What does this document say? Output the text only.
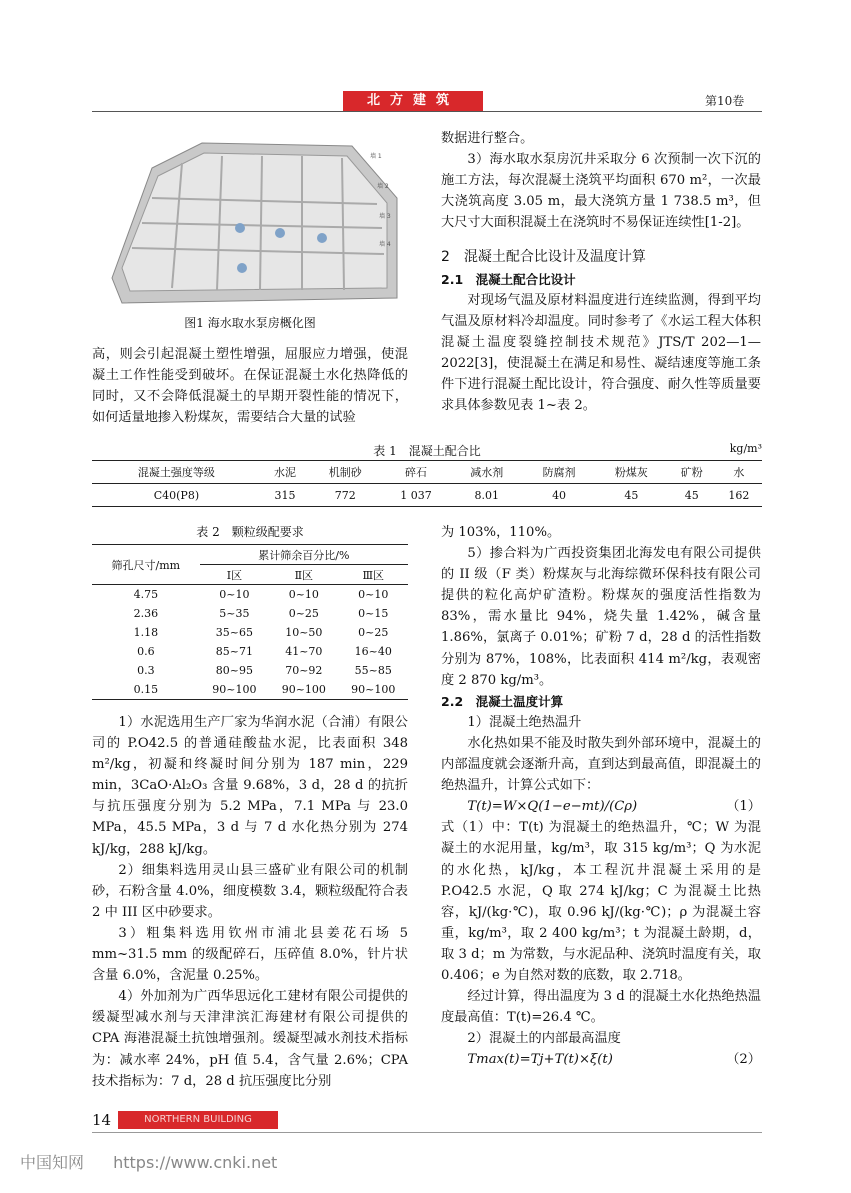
北方建筑	第10卷
墙 1
墙 2
墙 3
墙 4
图1 海水取水泵房概化图

高，则会引起混凝土塑性增强，屈服应力增强，使混凝土工作性能受到破坏。在保证混凝土水化热降低的同时，又不会降低混凝土的早期开裂性能的情况下，如何适量地掺入粉煤灰，需要结合大量的试验

表 1　混凝土配合比	kg/m³
混凝土强度等级	水泥	机制砂	碎石	减水剂	防腐剂	粉煤灰	矿粉	水
C40(P8)	315	772	1 037	8.01	40	45	45	162
表 2　颗粒级配要求
筛孔尺寸/mm	累计筛余百分比/%		
	Ⅰ区	Ⅱ区	Ⅲ区
4.75	0~10	0~10	0~10
2.36	5~35	0~25	0~15
1.18	35~65	10~50	0~25
0.6	85~71	41~70	16~40
0.3	80~95	70~92	55~85
0.15	90~100	90~100	90~100

1）水泥选用生产厂家为华润水泥（合浦）有限公司的 P.O42.5 的普通硅酸盐水泥，比表面积 348 m²/kg，初凝和终凝时间分别为 187 min，229 min，3CaO·Al₂O₃ 含量 9.68%，3 d，28 d 的抗折与抗压强度分别为 5.2 MPa，7.1 MPa 与 23.0 MPa，45.5 MPa，3 d 与 7 d 水化热分别为 274 kJ/kg，288 kJ/kg。

2）细集料选用灵山县三盛矿业有限公司的机制砂，石粉含量 4.0%，细度模数 3.4，颗粒级配符合表 2 中 III 区中砂要求。

3）粗集料选用钦州市浦北县姜花石场 5 mm~31.5 mm 的级配碎石，压碎值 8.0%，针片状含量 6.0%，含泥量 0.25%。

4）外加剂为广西华思远化工建材有限公司提供的缓凝型减水剂与天津津滨汇海建材有限公司提供的 CPA 海港混凝土抗蚀增强剂。缓凝型减水剂技术指标为：减水率 24%，pH 值 5.4，含气量 2.6%；CPA 技术指标为：7 d，28 d 抗压强度比分别

数据进行整合。

3）海水取水泵房沉井采取分 6 次预制一次下沉的施工方法，每次混凝土浇筑平均面积 670 m²，一次最大浇筑高度 3.05 m，最大浇筑方量 1 738.5 m³，但大尺寸大面积混凝土在浇筑时不易保证连续性[1-2]。

2　混凝土配合比设计及温度计算

2.1　混凝土配合比设计

对现场气温及原材料温度进行连续监测，得到平均气温及原材料冷却温度。同时参考了《水运工程大体积混凝土温度裂缝控制技术规范》JTS/T 202—1—2022[3]，使混凝土在满足和易性、凝结速度等施工条件下进行混凝土配比设计，符合强度、耐久性等质量要求具体参数见表 1~表 2。

为 103%，110%。

5）掺合料为广西投资集团北海发电有限公司提供的 II 级（F 类）粉煤灰与北海综微环保科技有限公司提供的粒化高炉矿渣粉。粉煤灰的强度活性指数为 83%，需水量比 94%，烧失量 1.42%，碱含量 1.86%，氯离子 0.01%；矿粉 7 d，28 d 的活性指数分别为 87%，108%，比表面积 414 m²/kg，表观密度 2 870 kg/m³。

2.2　混凝土温度计算

1）混凝土绝热温升

水化热如果不能及时散失到外部环境中，混凝土的内部温度就会逐渐升高，直到达到最高值，即混凝土的绝热温升，计算公式如下：

T(t)=W×Q(1−e−mt)/(Cρ)	（1）

式（1）中：T(t) 为混凝土的绝热温升，℃；W 为混凝土的水泥用量，kg/m³，取 315 kg/m³；Q 为水泥的水化热，kJ/kg，本工程沉井混凝土采用的是 P.O42.5 水泥，Q 取 274 kJ/kg；C 为混凝土比热容，kJ/(kg·℃)，取 0.96 kJ/(kg·℃)；ρ 为混凝土容重，kg/m³，取 2 400 kg/m³；t 为混凝土龄期，d，取 3 d；m 为常数，与水泥品种、浇筑时温度有关，取 0.406；e 为自然对数的底数，取 2.718。

经过计算，得出温度为 3 d 的混凝土水化热绝热温度最高值：T(t)=26.4 ℃。

2）混凝土的内部最高温度

Tmax(t)=Tj+T(t)×ξ(t)	（2）
14	NORTHERN BUILDING
中国知网 https://www.cnki.net
